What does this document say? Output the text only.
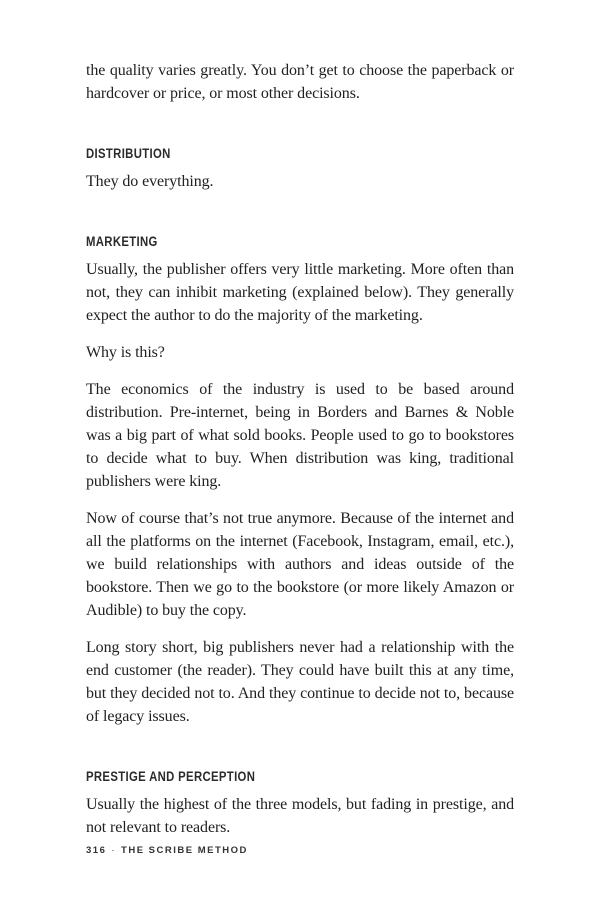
the quality varies greatly. You don’t get to choose the paperback or hardcover or price, or most other decisions.

DISTRIBUTION

They do everything.

MARKETING

Usually, the publisher offers very little marketing. More often than not, they can inhibit marketing (explained below). They generally expect the author to do the majority of the marketing.

Why is this?

The economics of the industry is used to be based around distribution. Pre-internet, being in Borders and Barnes & Noble was a big part of what sold books. People used to go to bookstores to decide what to buy. When distribution was king, traditional publishers were king.

Now of course that’s not true anymore. Because of the internet and all the platforms on the internet (Facebook, Instagram, email, etc.), we build relationships with authors and ideas outside of the bookstore. Then we go to the bookstore (or more likely Amazon or Audible) to buy the copy.

Long story short, big publishers never had a relationship with the end customer (the reader). They could have built this at any time, but they decided not to. And they continue to decide not to, because of legacy issues.

PRESTIGE AND PERCEPTION

Usually the highest of the three models, but fading in prestige, and not relevant to readers.

316 · THE SCRIBE METHOD
